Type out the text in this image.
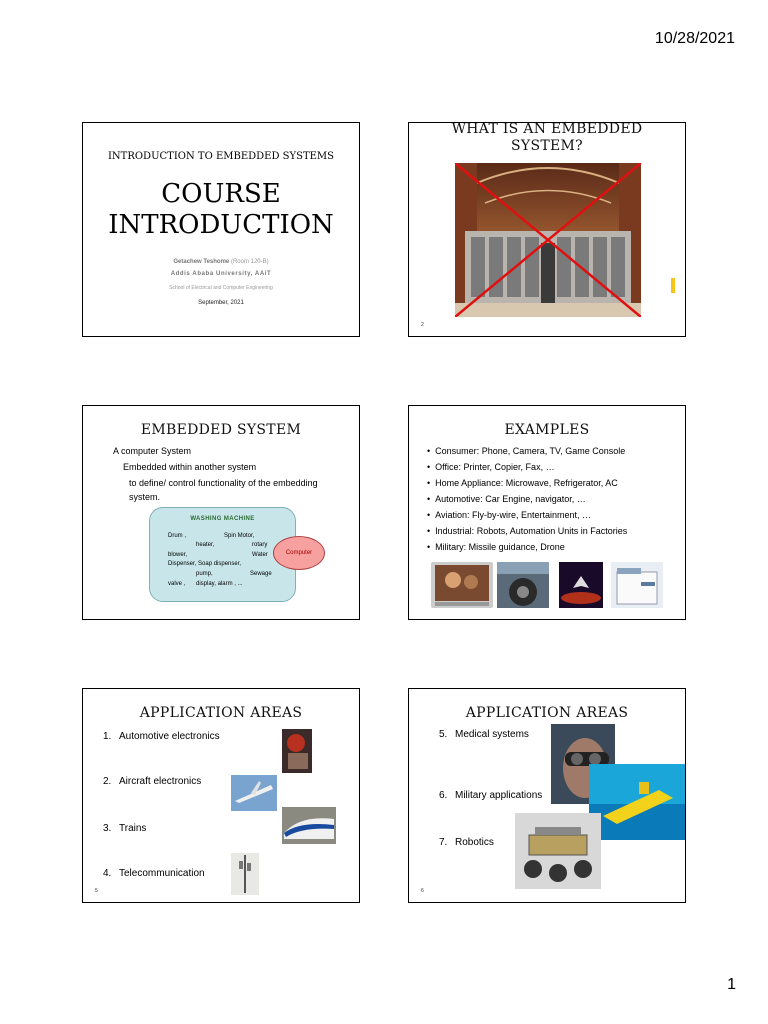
10/28/2021
INTRODUCTION TO EMBEDDED SYSTEMS
COURSE
INTRODUCTION
Getachew Teshome (Room 120-B)
Addis Ababa University, AAiT
School of Electrical and Computer Engineering
September, 2021
WHAT IS AN EMBEDDED
SYSTEM?
2
EMBEDDED SYSTEM
A computer System
Embedded within another system
to define/ control functionality of the embedding
system.
WASHING MACHINE
Drum ,	Spin Motor,
heater,	rotary
blower,	Water
Dispenser, Soap dispenser,
pump,	Sewage
valve , display, alarm , ...
Computer
EXAMPLES
• Consumer: Phone, Camera, TV, Game Console
• Office: Printer, Copier, Fax, …
• Home Appliance: Microwave, Refrigerator, AC
• Automotive: Car Engine, navigator, …
• Aviation: Fly-by-wire, Entertainment, …
• Industrial: Robots, Automation Units in Factories
• Military: Missile guidance, Drone
APPLICATION AREAS
1. Automotive electronics
2. Aircraft electronics
3. Trains
4. Telecommunication
5
APPLICATION AREAS
5. Medical systems
6. Military applications
7. Robotics
6
1
